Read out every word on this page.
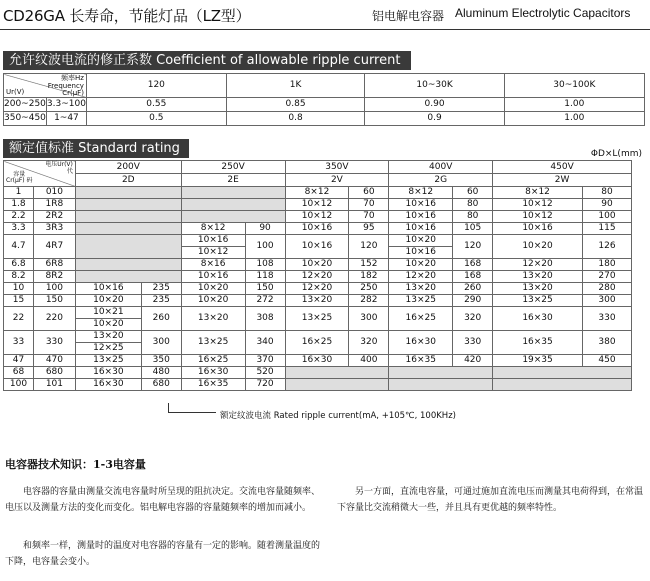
CD26GA 长寿命，节能灯品（LZ型）	铝电解电容器 Aluminum Electrolytic Capacitors
允许纹波电流的修正系数 Coefficient of allowable ripple current
频率Hz
Frequency
Cr(μF)
Ur(V)		120	1K	10~30K	30~100K
200~250	3.3~100	0.55	0.85	0.90	1.00
350~450	1~47	0.5	0.8	0.9	1.00
额定值标准 Standard rating	ΦD×L(mm)
电压Ur(V)
代
容量
Cr(μF) 码		200V		250V		350V		400V		450V	
		2D		2E		2V		2G		2W	
1	010					8×12	60	8×12	60	8×12	80
1.8	1R8					10×12	70	10×16	80	10×12	90
2.2	2R2					10×12	70	10×16	80	10×12	100
3.3	3R3			8×12	90	10×16	95	10×16	105	10×16	115
4.7	4R7			10×16	100	10×16	120	10×20	120	10×20	126
				10×12				10×16			
6.8	6R8			8×16	108	10×20	152	10×20	168	12×20	180
8.2	8R2			10×16	118	12×20	182	12×20	168	13×20	270
10	100	10×16	235	10×20	150	12×20	250	13×20	260	13×20	280
15	150	10×20	235	10×20	272	13×20	282	13×25	290	13×25	300
22	220	10×21	260	13×20	308	13×25	300	16×25	320	16×30	330
		10×20									
33	330	13×20	300	13×25	340	16×25	320	16×30	330	16×35	380
		12×25									
47	470	13×25	350	16×25	370	16×30	400	16×35	420	19×35	450
68	680	16×30	480	16×30	520						
100	101	16×30	680	16×35	720						
额定纹波电流 Rated ripple current(mA, +105℃, 100KHz)
电容器技术知识：1-3电容量
电容器的容量由测量交流电容量时所呈现的阻抗决定。交流电容量随频率、电压以及测量方法的变化而变化。铝电解电容器的容量随频率的增加而减小。
和频率一样，测量时的温度对电容器的容量有一定的影响。随着测量温度的下降，电容量会变小。
另一方面，直流电容量，可通过施加直流电压而测量其电荷得到，在常温下容量比交流稍微大一些，并且具有更优越的频率特性。
